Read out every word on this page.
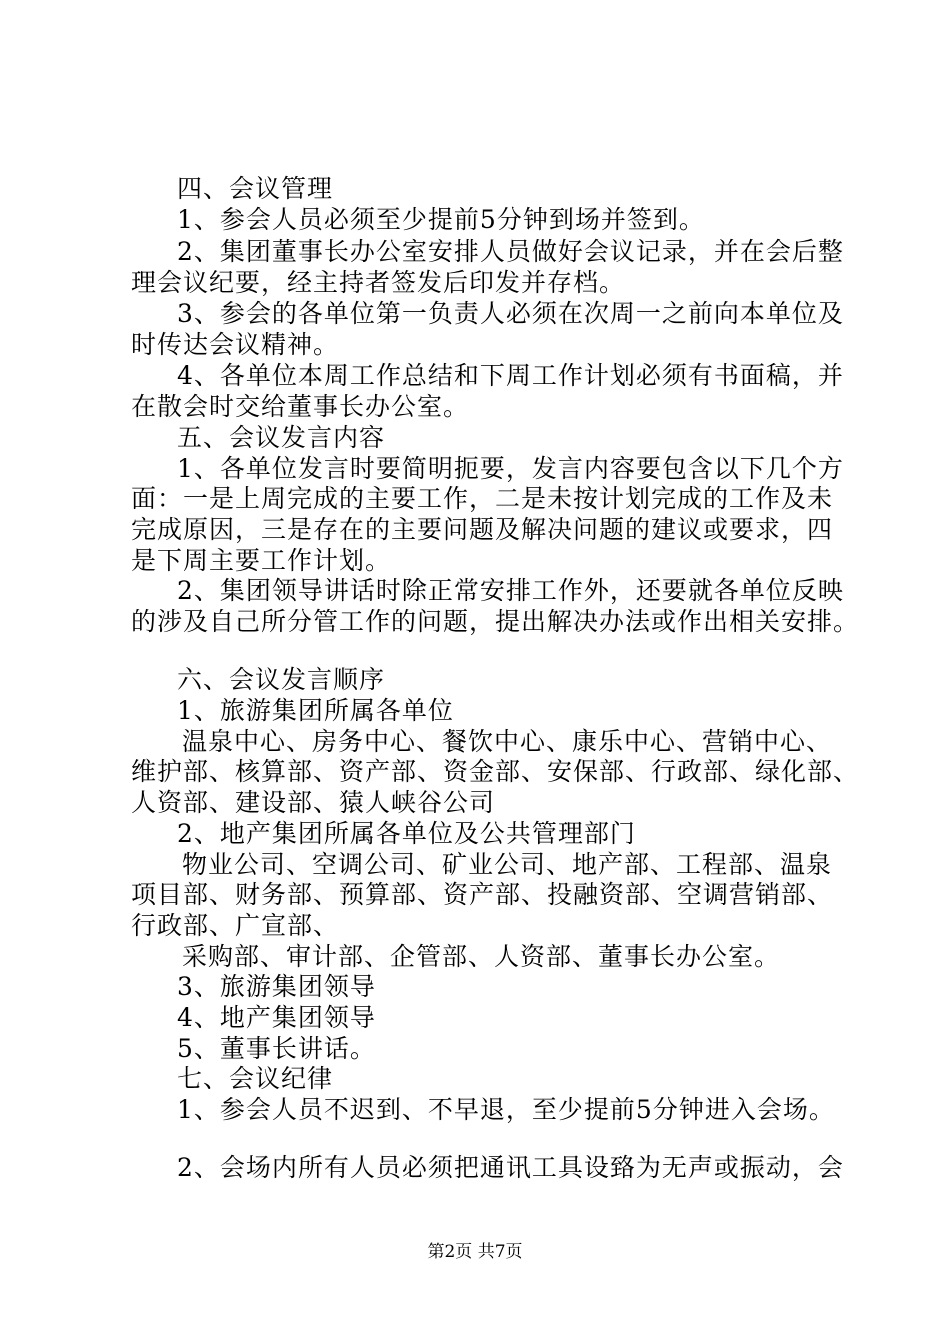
四、会议管理
1、参会人员必须至少提前5分钟到场并签到。
2、集团董事长办公室安排人员做好会议记录，并在会后整
理会议纪要，经主持者签发后印发并存档。
3、参会的各单位第一负责人必须在次周一之前向本单位及
时传达会议精神。
4、各单位本周工作总结和下周工作计划必须有书面稿，并
在散会时交给董事长办公室。
五、会议发言内容
1、各单位发言时要简明扼要，发言内容要包含以下几个方
面：一是上周完成的主要工作，二是未按计划完成的工作及未
完成原因，三是存在的主要问题及解决问题的建议或要求，四
是下周主要工作计划。
2、集团领导讲话时除正常安排工作外，还要就各单位反映
的涉及自己所分管工作的问题，提出解决办法或作出相关安排。
六、会议发言顺序
1、旅游集团所属各单位
温泉中心、房务中心、餐饮中心、康乐中心、营销中心、
维护部、核算部、资产部、资金部、安保部、行政部、绿化部、
人资部、建设部、猿人峡谷公司
2、地产集团所属各单位及公共管理部门
物业公司、空调公司、矿业公司、地产部、工程部、温泉
项目部、财务部、预算部、资产部、投融资部、空调营销部、
行政部、广宣部、
采购部、审计部、企管部、人资部、董事长办公室。
3、旅游集团领导
4、地产集团领导
5、董事长讲话。
七、会议纪律
1、参会人员不迟到、不早退，至少提前5分钟进入会场。
2、会场内所有人员必须把通讯工具设臵为无声或振动，会
第2页 共7页
